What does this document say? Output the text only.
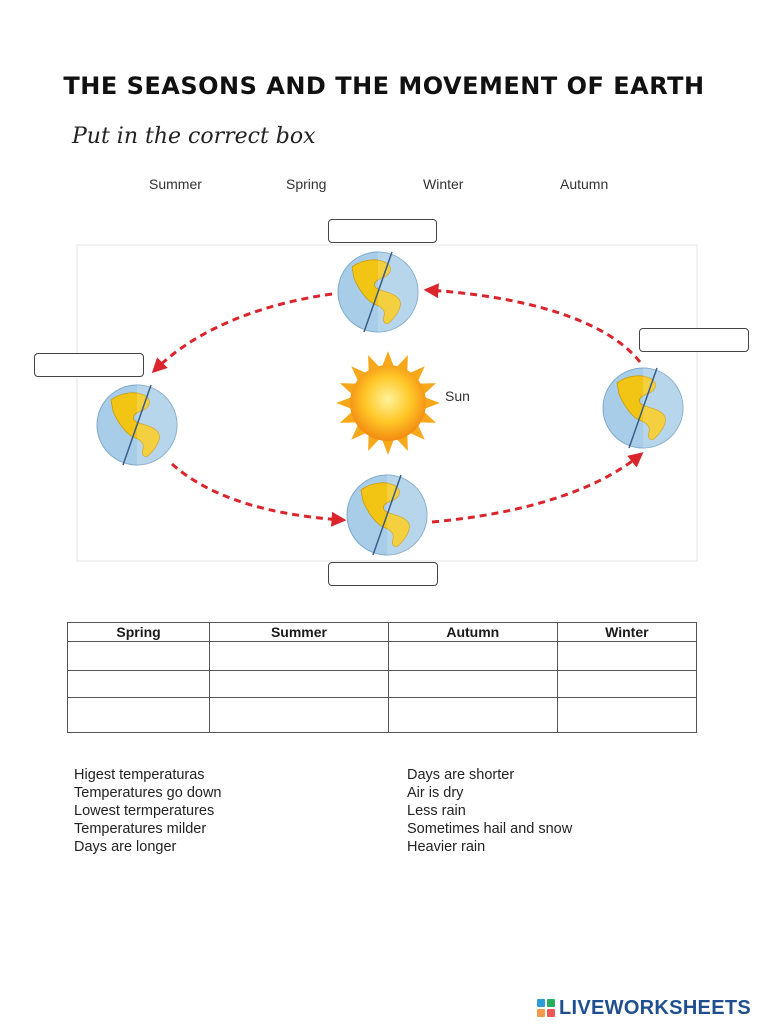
THE SEASONS AND THE MOVEMENT OF EARTH
Put in the correct box
Summer	Spring	Winter	Autumn
Sun
Spring	Summer	Autumn	Winter

Higest temperaturas
Temperatures go down
Lowest termperatures
Temperatures milder
Days are longer
Days are shorter
Air is dry
Less rain
Sometimes hail and snow
Heavier rain
LIVEWORKSHEETS
